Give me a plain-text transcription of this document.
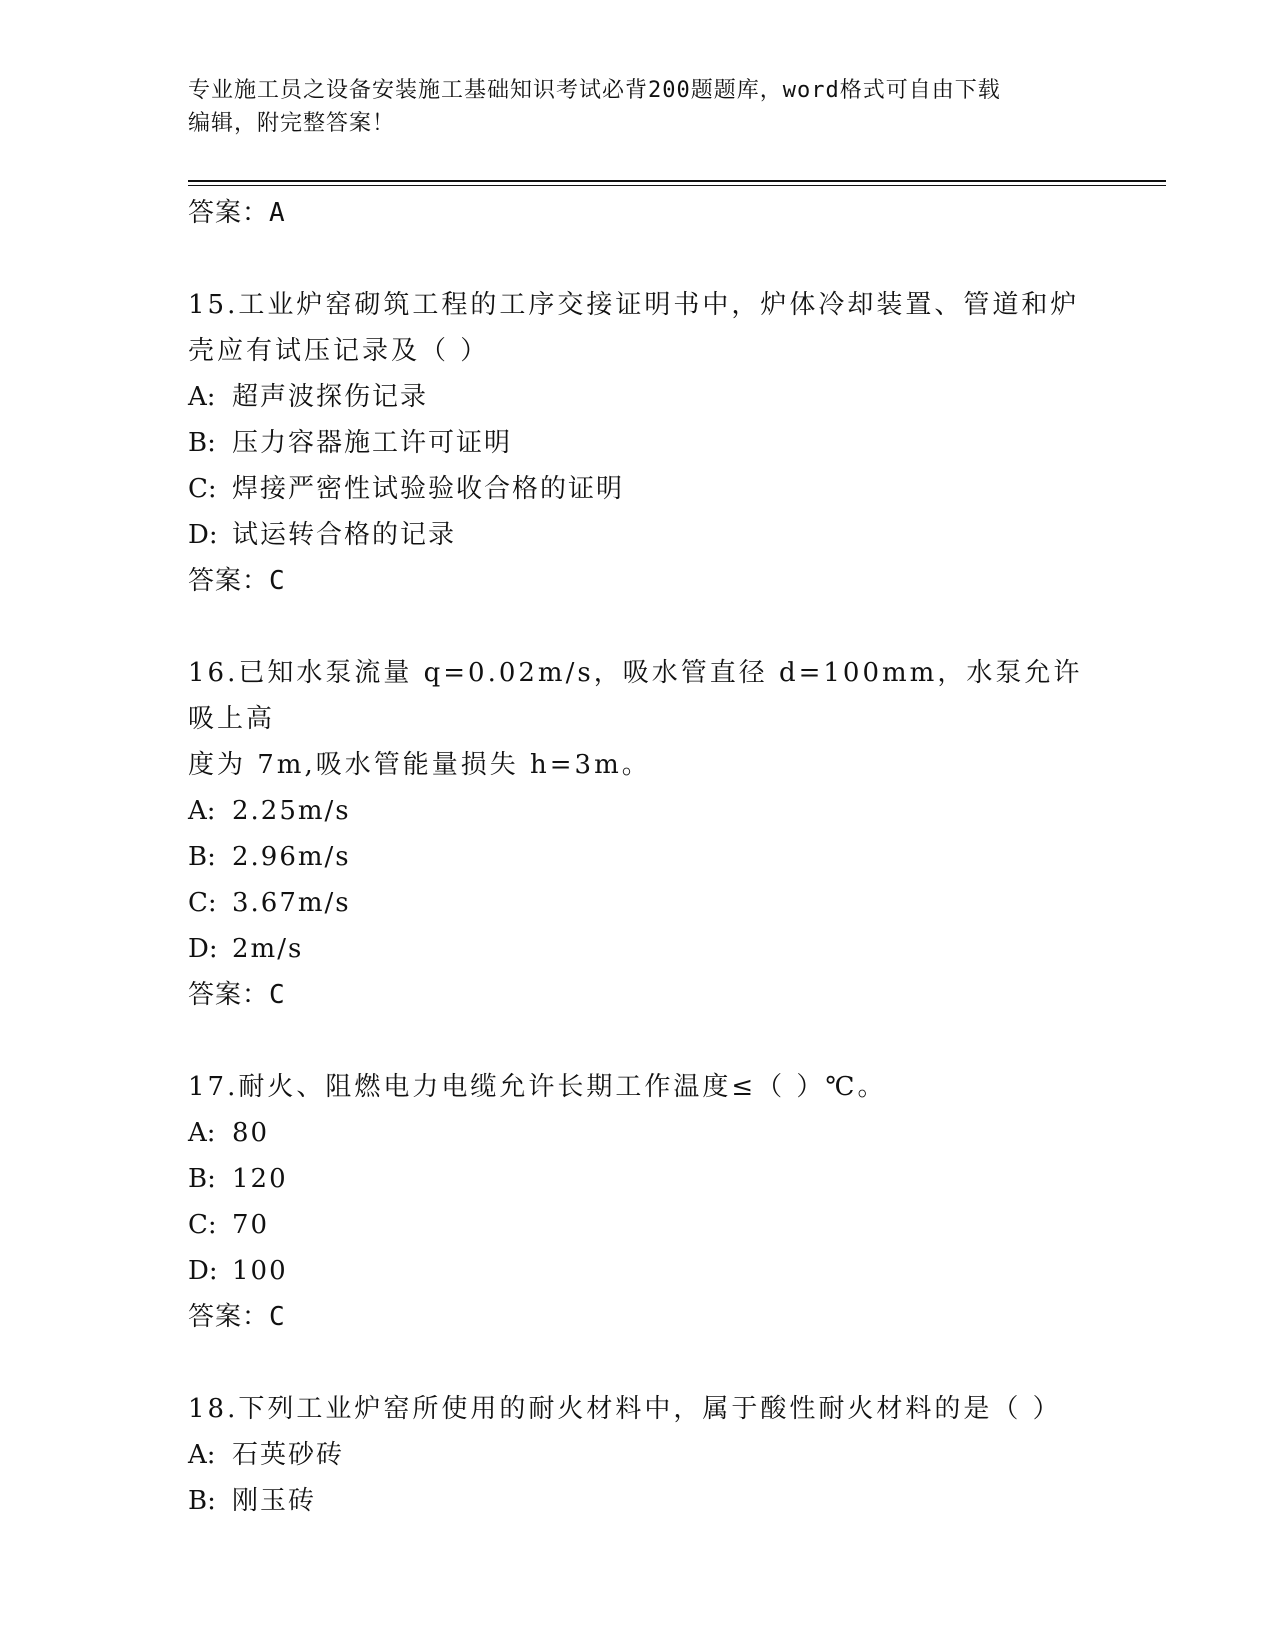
专业施工员之设备安装施工基础知识考试必背200题题库，word格式可自由下载
编辑，附完整答案！
答案：A
15.工业炉窑砌筑工程的工序交接证明书中，炉体冷却装置、管道和炉
壳应有试压记录及（ ）
A: 超声波探伤记录
B: 压力容器施工许可证明
C: 焊接严密性试验验收合格的证明
D: 试运转合格的记录
答案：C
16.已知水泵流量 q=0.02m/s，吸水管直径 d=100mm，水泵允许吸上高
度为 7m,吸水管能量损失 h=3m。
A: 2.25m/s
B: 2.96m/s
C: 3.67m/s
D: 2m/s
答案：C
17.耐火、阻燃电力电缆允许长期工作温度≤（ ）℃。
A: 80
B: 120
C: 70
D: 100
答案：C
18.下列工业炉窑所使用的耐火材料中，属于酸性耐火材料的是（ ）
A: 石英砂砖
B: 刚玉砖
